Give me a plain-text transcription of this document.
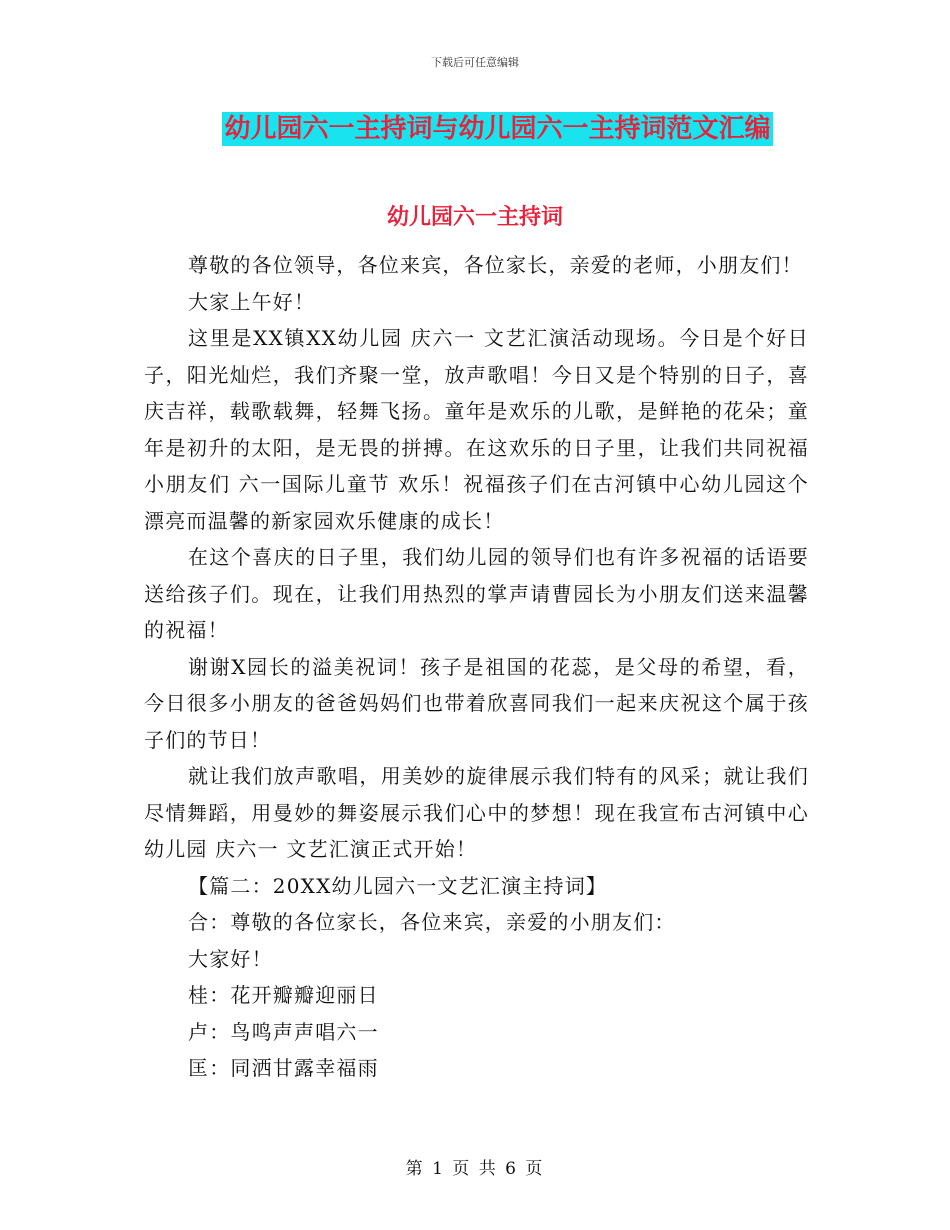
下载后可任意编辑
幼儿园六一主持词与幼儿园六一主持词范文汇编
幼儿园六一主持词

尊敬的各位领导，各位来宾，各位家长，亲爱的老师，小朋友们！

大家上午好！

这里是XX镇XX幼儿园 庆六一 文艺汇演活动现场。今日是个好日子，阳光灿烂，我们齐聚一堂，放声歌唱！今日又是个特别的日子，喜庆吉祥，载歌载舞，轻舞飞扬。童年是欢乐的儿歌，是鲜艳的花朵；童年是初升的太阳，是无畏的拼搏。在这欢乐的日子里，让我们共同祝福小朋友们 六一国际儿童节 欢乐！祝福孩子们在古河镇中心幼儿园这个漂亮而温馨的新家园欢乐健康的成长！

在这个喜庆的日子里，我们幼儿园的领导们也有许多祝福的话语要送给孩子们。现在，让我们用热烈的掌声请曹园长为小朋友们送来温馨的祝福！

谢谢X园长的溢美祝词！孩子是祖国的花蕊，是父母的希望，看，今日很多小朋友的爸爸妈妈们也带着欣喜同我们一起来庆祝这个属于孩子们的节日！

就让我们放声歌唱，用美妙的旋律展示我们特有的风采；就让我们尽情舞蹈，用曼妙的舞姿展示我们心中的梦想！现在我宣布古河镇中心幼儿园 庆六一 文艺汇演正式开始！

【篇二：20XX幼儿园六一文艺汇演主持词】

合：尊敬的各位家长，各位来宾，亲爱的小朋友们：

大家好！

桂：花开瓣瓣迎丽日

卢：鸟鸣声声唱六一

匡：同洒甘露幸福雨

第 1 页 共 6 页
